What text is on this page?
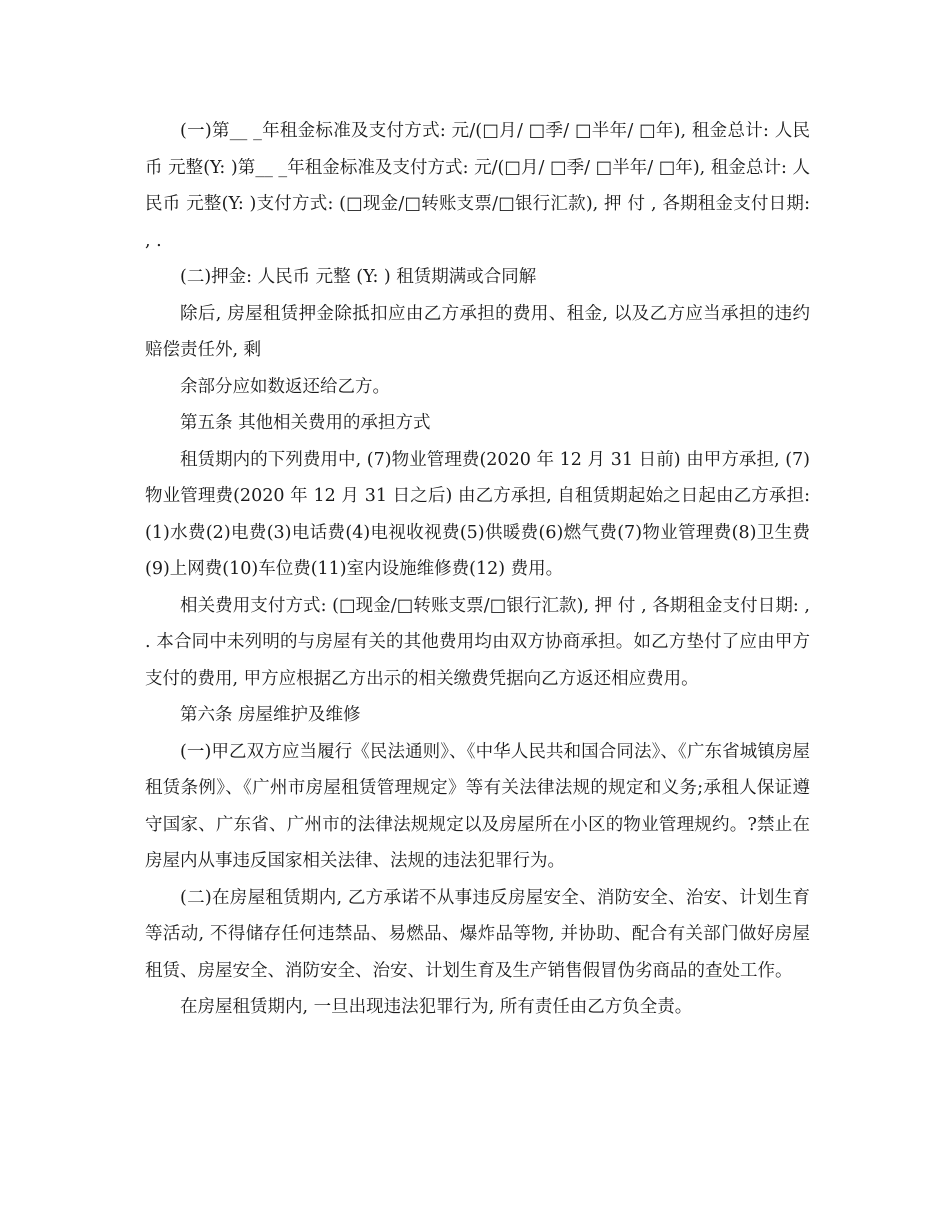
(一)第__ _年租金标准及支付方式: 元/(□月/ □季/ □半年/ □年), 租金总计: 人民币 元整(Y: )第__ _年租金标准及支付方式: 元/(□月/ □季/ □半年/ □年), 租金总计: 人民币 元整(Y: )支付方式: (□现金/□转账支票/□银行汇款), 押 付 , 各期租金支付日期: , .

(二)押金: 人民币 元整 (Y: ) 租赁期满或合同解

除后, 房屋租赁押金除抵扣应由乙方承担的费用、租金, 以及乙方应当承担的违约赔偿责任外, 剩

余部分应如数返还给乙方。

第五条 其他相关费用的承担方式

租赁期内的下列费用中, (7)物业管理费(2020 年 12 月 31 日前) 由甲方承担, (7)物业管理费(2020 年 12 月 31 日之后) 由乙方承担, 自租赁期起始之日起由乙方承担: (1)水费(2)电费(3)电话费(4)电视收视费(5)供暖费(6)燃气费(7)物业管理费(8)卫生费(9)上网费(10)车位费(11)室内设施维修费(12) 费用。

相关费用支付方式: (□现金/□转账支票/□银行汇款), 押 付 , 各期租金支付日期: , . 本合同中未列明的与房屋有关的其他费用均由双方协商承担。如乙方垫付了应由甲方支付的费用, 甲方应根据乙方出示的相关缴费凭据向乙方返还相应费用。

第六条 房屋维护及维修

(一)甲乙双方应当履行《民法通则》、《中华人民共和国合同法》、《广东省城镇房屋租赁条例》、《广州市房屋租赁管理规定》等有关法律法规的规定和义务;承租人保证遵守国家、广东省、广州市的法律法规规定以及房屋所在小区的物业管理规约。?禁止在房屋内从事违反国家相关法律、法规的违法犯罪行为。

(二)在房屋租赁期内, 乙方承诺不从事违反房屋安全、消防安全、治安、计划生育等活动, 不得储存任何违禁品、易燃品、爆炸品等物, 并协助、配合有关部门做好房屋租赁、房屋安全、消防安全、治安、计划生育及生产销售假冒伪劣商品的查处工作。

在房屋租赁期内, 一旦出现违法犯罪行为, 所有责任由乙方负全责。
